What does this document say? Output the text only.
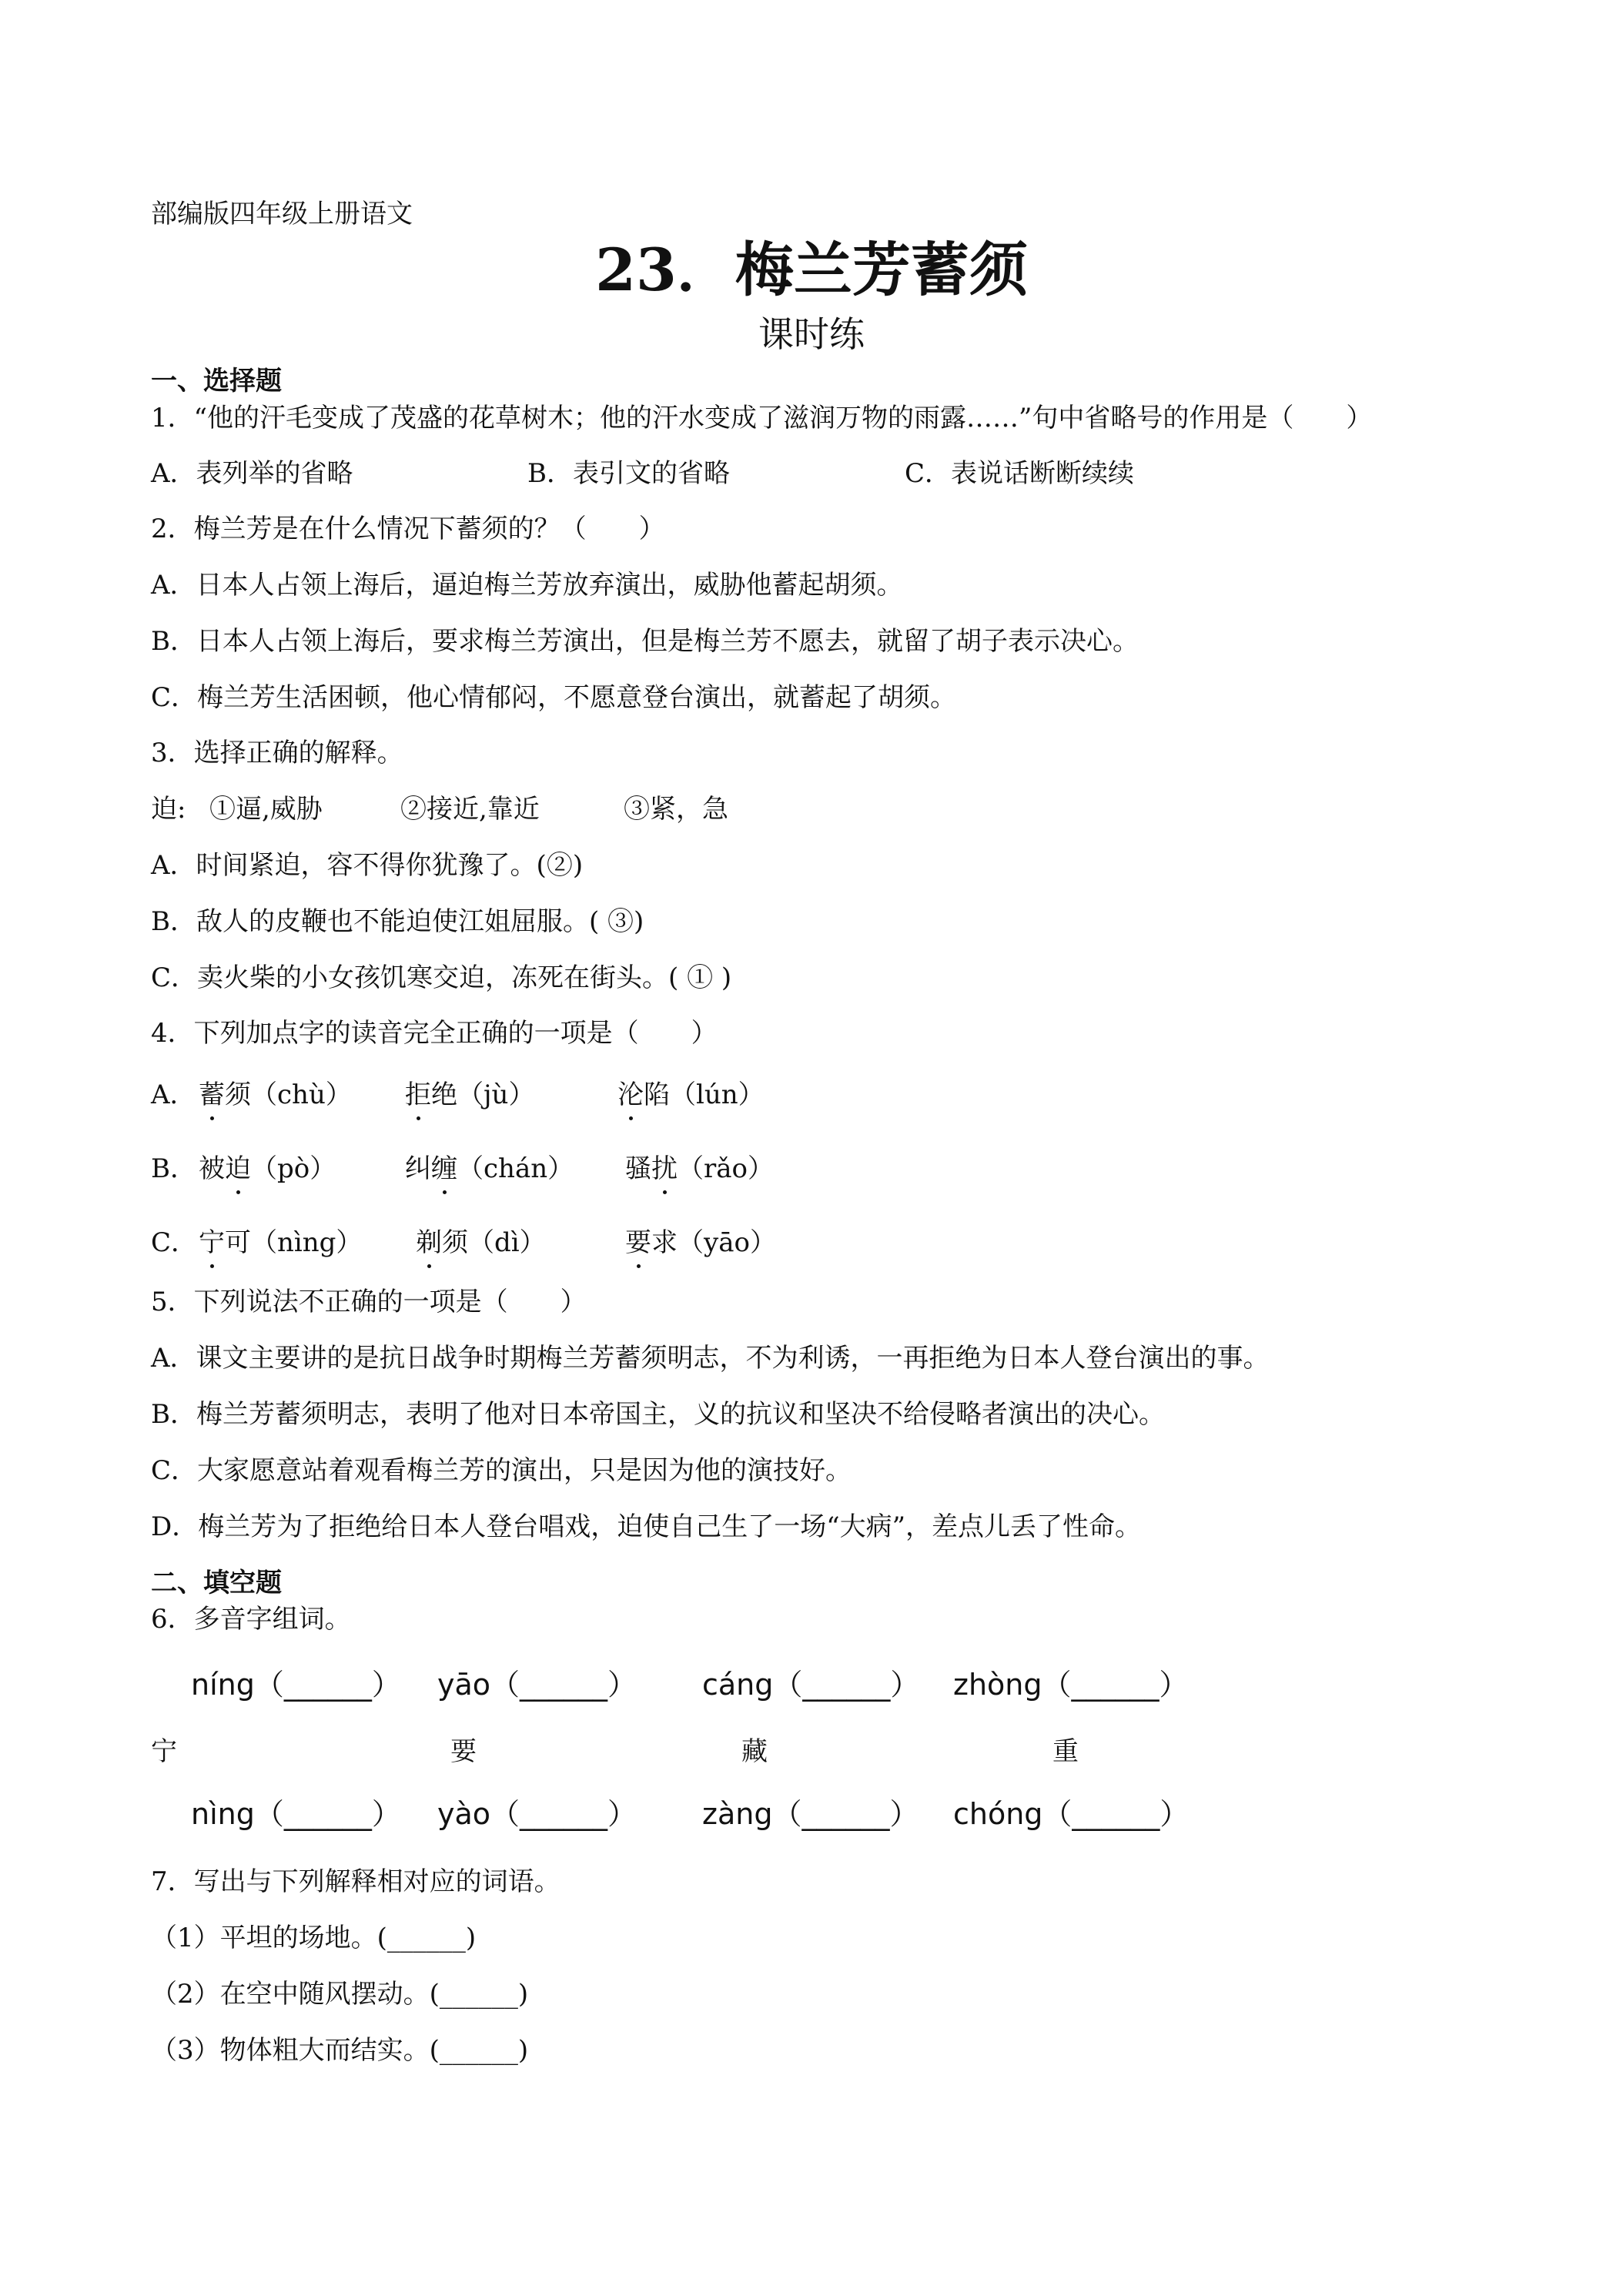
部编版四年级上册语文
23．梅兰芳蓄须
课时练
一、选择题
1．“他的汗毛变成了茂盛的花草树木；他的汗水变成了滋润万物的雨露……”句中省略号的作用是（　　）
A．表列举的省略	B．表引文的省略	C．表说话断断续续
2．梅兰芳是在什么情况下蓄须的？（　　）
A．日本人占领上海后，逼迫梅兰芳放弃演出，威胁他蓄起胡须。
B．日本人占领上海后，要求梅兰芳演出，但是梅兰芳不愿去，就留了胡子表示决心。
C．梅兰芳生活困顿，他心情郁闷，不愿意登台演出，就蓄起了胡须。
3．选择正确的解释。
迫: ①逼,威胁	②接近,靠近	③紧，急
A．时间紧迫，容不得你犹豫了。(②)
B．敌人的皮鞭也不能迫使江姐屈服。( ③)
C．卖火柴的小女孩饥寒交迫，冻死在街头。( ① )
4．下列加点字的读音完全正确的一项是（　　）
A． 蓄须（chù） 拒绝（jù）	沦陷（lún）
B． 被迫（pò）	纠缠（chán） 骚扰（rǎo）
C． 宁可（nìng） 剃须（dì）	要求（yāo）
5．下列说法不正确的一项是（　　）
A．课文主要讲的是抗日战争时期梅兰芳蓄须明志，不为利诱，一再拒绝为日本人登台演出的事。
B．梅兰芳蓄须明志，表明了他对日本帝国主，义的抗议和坚决不给侵略者演出的决心。
C．大家愿意站着观看梅兰芳的演出，只是因为他的演技好。
D．梅兰芳为了拒绝给日本人登台唱戏，迫使自己生了一场“大病”，差点儿丢了性命。
二、填空题
6．多音字组词。
níng（______） yāo（______） cáng（______） zhòng（______）
宁	要	藏	重
nìng（______） yào（______） zàng（______） chóng（______）
7．写出与下列解释相对应的词语。
（1）平坦的场地。(______)
（2）在空中随风摆动。(______)
（3）物体粗大而结实。(______)
